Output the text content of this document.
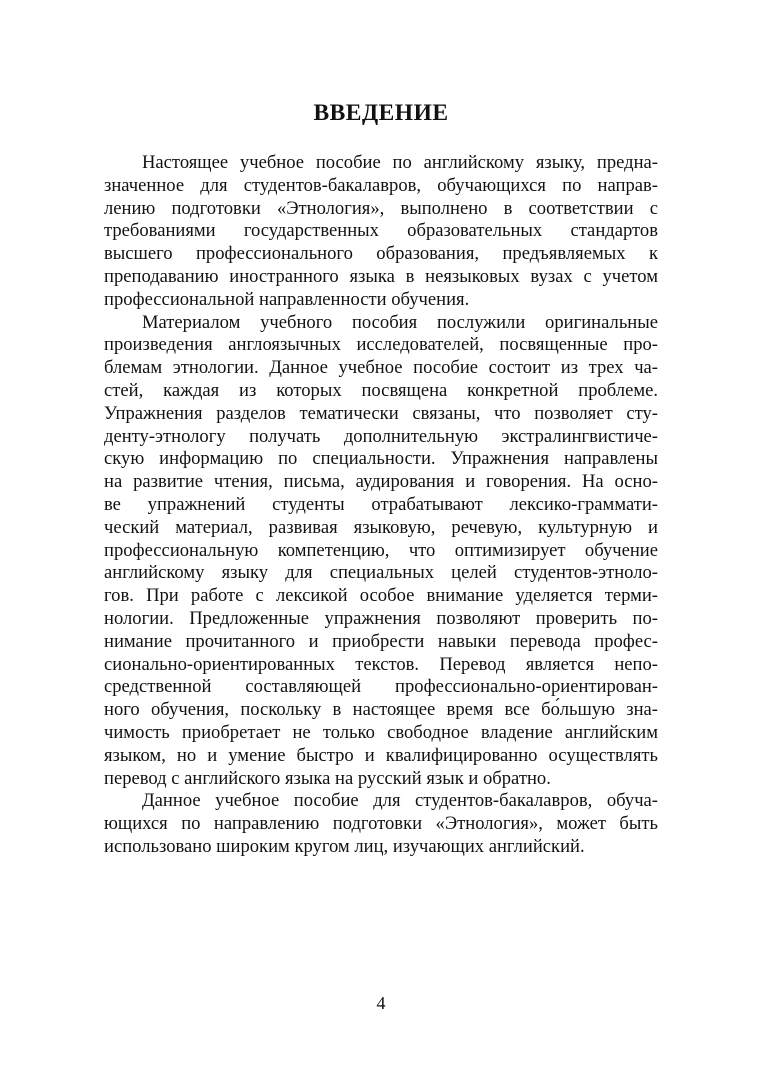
ВВЕДЕНИЕ
Настоящее учебное пособие по английскому языку, предна-
значенное для студентов-бакалавров, обучающихся по направ-
лению подготовки «Этнология», выполнено в соответствии с
требованиями государственных образовательных стандартов
высшего профессионального образования, предъявляемых к
преподаванию иностранного языка в неязыковых вузах с учетом
профессиональной направленности обучения.
Материалом учебного пособия послужили оригинальные
произведения англоязычных исследователей, посвященные про-
блемам этнологии. Данное учебное пособие состоит из трех ча-
стей, каждая из которых посвящена конкретной проблеме.
Упражнения разделов тематически связаны, что позволяет сту-
денту-этнологу получать дополнительную экстралингвистиче-
скую информацию по специальности. Упражнения направлены
на развитие чтения, письма, аудирования и говорения. На осно-
ве упражнений студенты отрабатывают лексико-граммати-
ческий материал, развивая языковую, речевую, культурную и
профессиональную компетенцию, что оптимизирует обучение
английскому языку для специальных целей студентов-этноло-
гов. При работе с лексикой особое внимание уделяется терми-
нологии. Предложенные упражнения позволяют проверить по-
нимание прочитанного и приобрести навыки перевода профес-
сионально-ориентированных текстов. Перевод является непо-
средственной составляющей профессионально-ориентирован-
ного обучения, поскольку в настоящее время все бо́льшую зна-
чимость приобретает не только свободное владение английским
языком, но и умение быстро и квалифицированно осуществлять
перевод с английского языка на русский язык и обратно.
Данное учебное пособие для студентов-бакалавров, обуча-
ющихся по направлению подготовки «Этнология», может быть
использовано широким кругом лиц, изучающих английский.
4
